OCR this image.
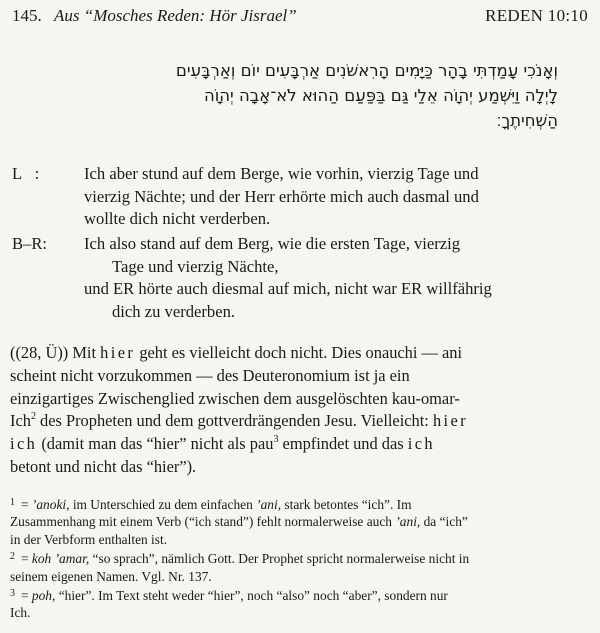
145. Aus “Mosches Reden: Hör Jisrael”	REDEN 10:10
וְאָנֹכִי עָמַדְתִּי בָהָר כַּיָּמִים הָרִאשֹׁנִים אַרְבָּעִים יוֹם וְאַרְבָּעִים
לָיְלָה וַיִּשְׁמַע יְהוָֹה אֵלַי גַּם בַּפַּעַם הַהוּא לֹא־אָבָה יְהוָֹה
הַשְׁחִיתֶךָ׃
L   :	Ich aber stund auf dem Berge, wie vorhin, vierzig Tage und
vierzig Nächte; und der Herr erhörte mich auch dasmal und
wollte dich nicht verderben.
B–R: Ich also stand auf dem Berg, wie die ersten Tage, vierzig
Tage und vierzig Nächte,
und ER hörte auch diesmal auf mich, nicht war ER willfährig
dich zu verderben.
((28, Ü)) Mit hier geht es vielleicht doch nicht. Dies onauchi — ani
scheint nicht vorzukommen — des Deuteronomium ist ja ein
einzigartiges Zwischenglied zwischen dem ausgelöschten kau-omar-
Ich$^2$ des Propheten und dem gottverdrängenden Jesu. Vielleicht: hier
ich (damit man das “hier” nicht als pau$^3$ empfindet und das ich
betont und nicht das “hier”).
$^1$ = ’anoki, im Unterschied zu dem einfachen ’ani, stark betontes “ich”. Im
Zusammenhang mit einem Verb (“ich stand”) fehlt normalerweise auch ’ani, da “ich”
in der Verbform enthalten ist.
$^2$ = koh ’amar, “so sprach”, nämlich Gott. Der Prophet spricht normalerweise nicht in
seinem eigenen Namen. Vgl. Nr. 137.
$^3$ = poh, “hier”. Im Text steht weder “hier”, noch “also” noch “aber”, sondern nur
Ich.
